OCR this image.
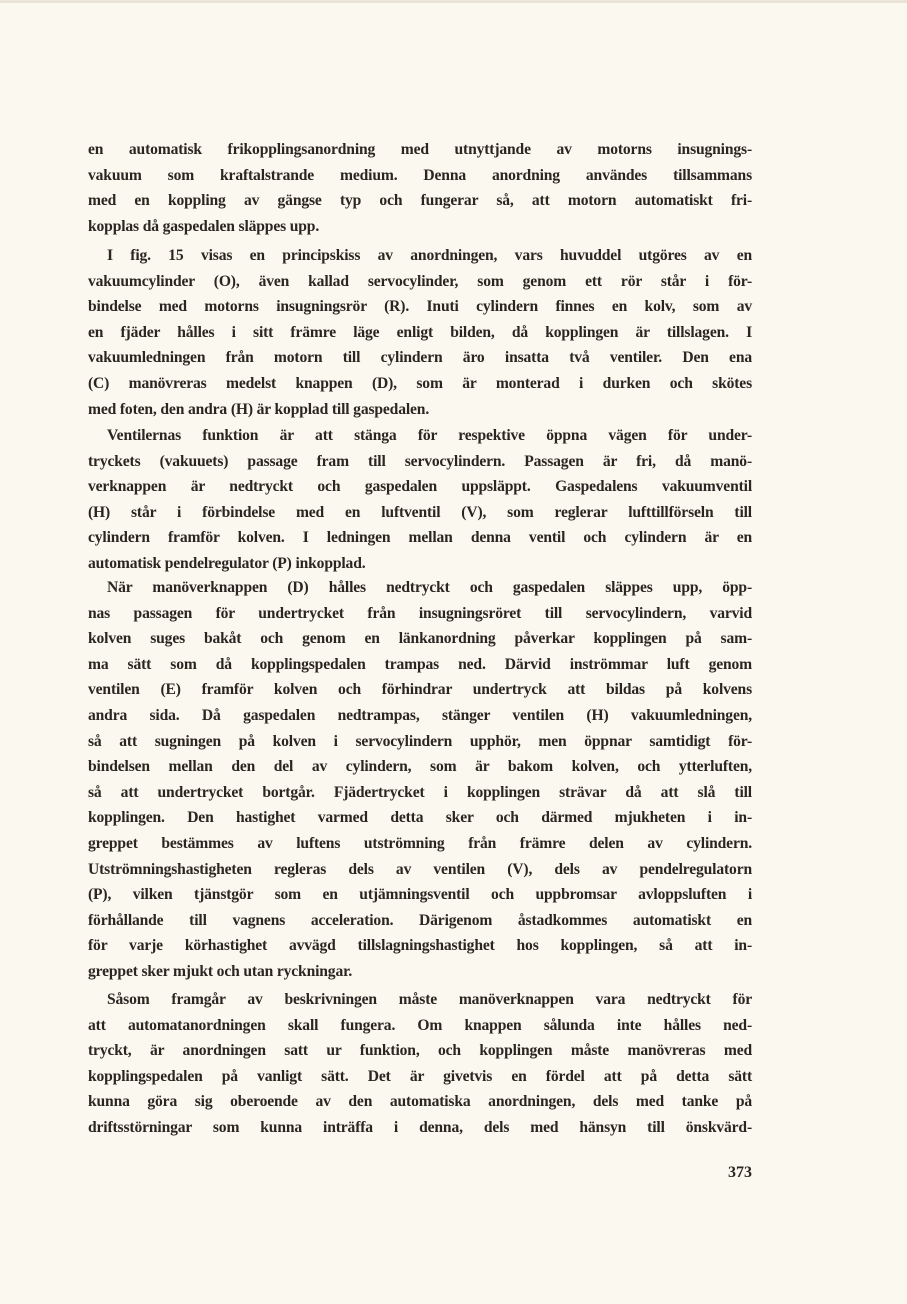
en automatisk frikopplingsanordning med utnyttjande av motorns insugnings-
vakuum som kraftalstrande medium. Denna anordning användes tillsammans
med en koppling av gängse typ och fungerar så, att motorn automatiskt fri-
kopplas då gaspedalen släppes upp.
I fig. 15 visas en principskiss av anordningen, vars huvuddel utgöres av en
vakuumcylinder (O), även kallad servocylinder, som genom ett rör står i för-
bindelse med motorns insugningsrör (R). Inuti cylindern finnes en kolv, som av
en fjäder hålles i sitt främre läge enligt bilden, då kopplingen är tillslagen. I
vakuumledningen från motorn till cylindern äro insatta två ventiler. Den ena
(C) manövreras medelst knappen (D), som är monterad i durken och skötes
med foten, den andra (H) är kopplad till gaspedalen.
Ventilernas funktion är att stänga för respektive öppna vägen för under-
tryckets (vakuuets) passage fram till servocylindern. Passagen är fri, då manö-
verknappen är nedtryckt och gaspedalen uppsläppt. Gaspedalens vakuumventil
(H) står i förbindelse med en luftventil (V), som reglerar lufttillförseln till
cylindern framför kolven. I ledningen mellan denna ventil och cylindern är en
automatisk pendelregulator (P) inkopplad.
När manöverknappen (D) hålles nedtryckt och gaspedalen släppes upp, öpp-
nas passagen för undertrycket från insugningsröret till servocylindern, varvid
kolven suges bakåt och genom en länkanordning påverkar kopplingen på sam-
ma sätt som då kopplingspedalen trampas ned. Därvid inströmmar luft genom
ventilen (E) framför kolven och förhindrar undertryck att bildas på kolvens
andra sida. Då gaspedalen nedtrampas, stänger ventilen (H) vakuumledningen,
så att sugningen på kolven i servocylindern upphör, men öppnar samtidigt för-
bindelsen mellan den del av cylindern, som är bakom kolven, och ytterluften,
så att undertrycket bortgår. Fjädertrycket i kopplingen strävar då att slå till
kopplingen. Den hastighet varmed detta sker och därmed mjukheten i in-
greppet bestämmes av luftens utströmning från främre delen av cylindern.
Utströmningshastigheten regleras dels av ventilen (V), dels av pendelregulatorn
(P), vilken tjänstgör som en utjämningsventil och uppbromsar avloppsluften i
förhållande till vagnens acceleration. Därigenom åstadkommes automatiskt en
för varje körhastighet avvägd tillslagningshastighet hos kopplingen, så att in-
greppet sker mjukt och utan ryckningar.
Såsom framgår av beskrivningen måste manöverknappen vara nedtryckt för
att automatanordningen skall fungera. Om knappen sålunda inte hålles ned-
tryckt, är anordningen satt ur funktion, och kopplingen måste manövreras med
kopplingspedalen på vanligt sätt. Det är givetvis en fördel att på detta sätt
kunna göra sig oberoende av den automatiska anordningen, dels med tanke på
driftsstörningar som kunna inträffa i denna, dels med hänsyn till önskvärd-
373
